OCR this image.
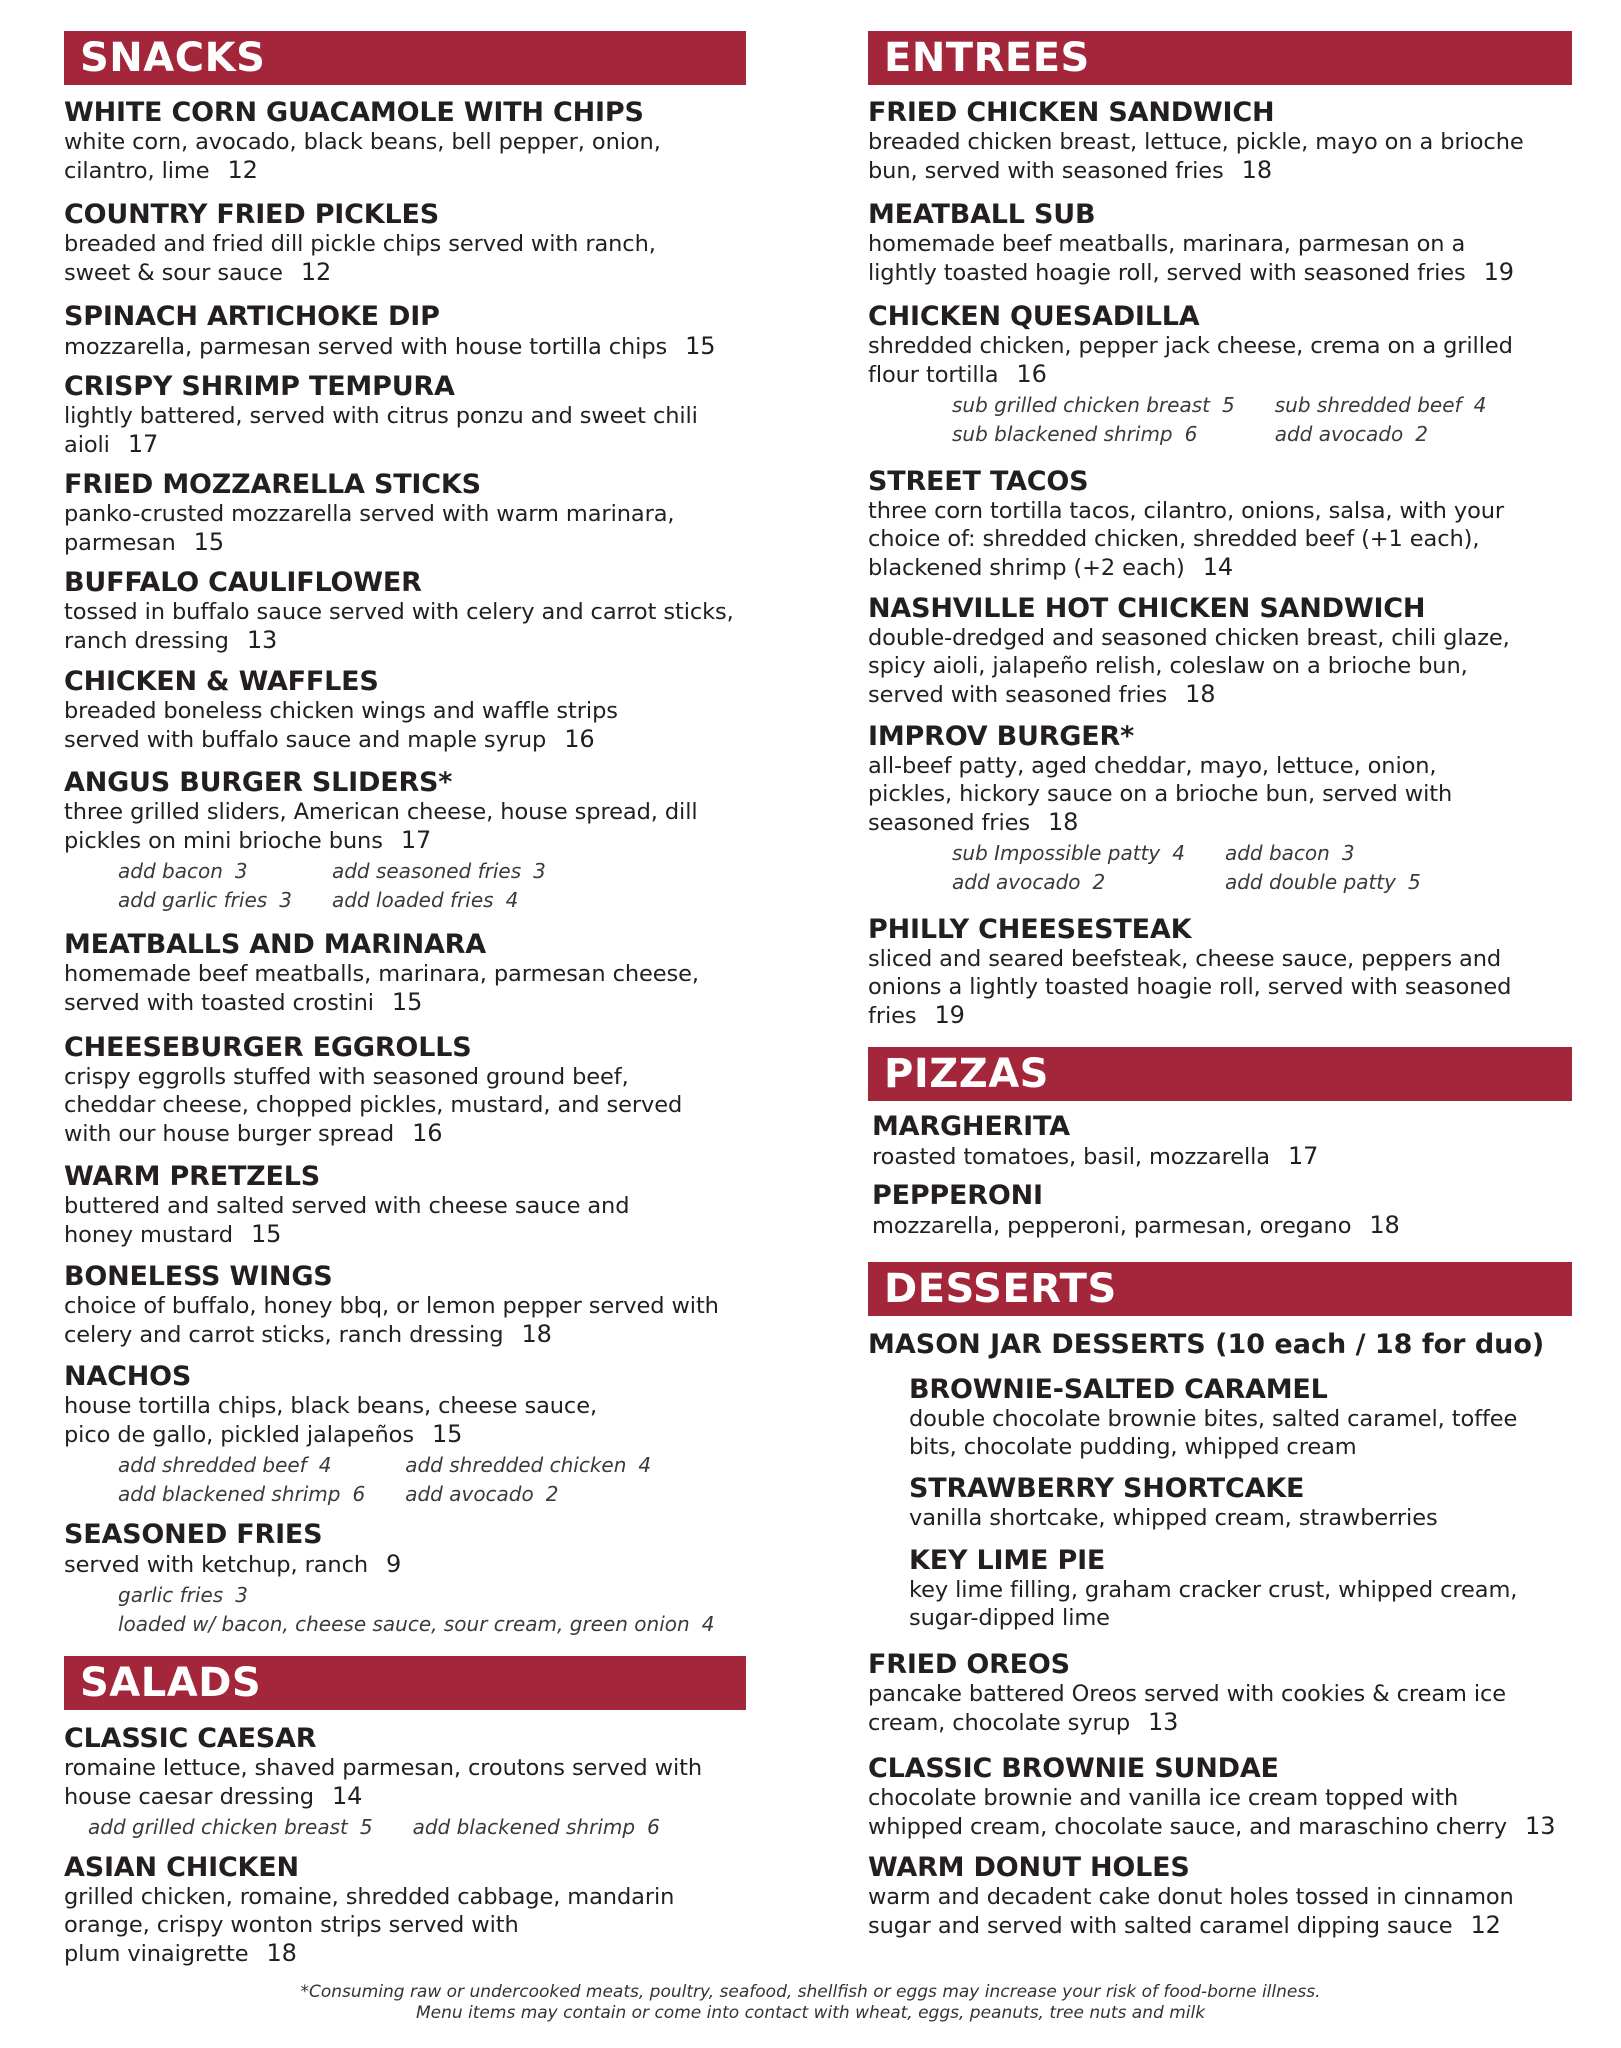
SNACKS
SALADS
ENTREES
PIZZAS
DESSERTS
WHITE CORN GUACAMOLE WITH CHIPS
white corn, avocado, black beans, bell pepper, onion,
cilantro, lime 12
COUNTRY FRIED PICKLES
breaded and fried dill pickle chips served with ranch,
sweet & sour sauce 12
SPINACH ARTICHOKE DIP
mozzarella, parmesan served with house tortilla chips 15
CRISPY SHRIMP TEMPURA
lightly battered, served with citrus ponzu and sweet chili
aioli 17
FRIED MOZZARELLA STICKS
panko-crusted mozzarella served with warm marinara,
parmesan 15
BUFFALO CAULIFLOWER
tossed in buffalo sauce served with celery and carrot sticks,
ranch dressing 13
CHICKEN & WAFFLES
breaded boneless chicken wings and waffle strips
served with buffalo sauce and maple syrup 16
ANGUS BURGER SLIDERS*
three grilled sliders, American cheese, house spread, dill
pickles on mini brioche buns 17
add bacon 3	add seasoned fries 3
add garlic fries 3 add loaded fries 4
MEATBALLS AND MARINARA
homemade beef meatballs, marinara, parmesan cheese,
served with toasted crostini 15
CHEESEBURGER EGGROLLS
crispy eggrolls stuffed with seasoned ground beef,
cheddar cheese, chopped pickles, mustard, and served
with our house burger spread 16
WARM PRETZELS
buttered and salted served with cheese sauce and
honey mustard 15
BONELESS WINGS
choice of buffalo, honey bbq, or lemon pepper served with
celery and carrot sticks, ranch dressing 18
NACHOS
house tortilla chips, black beans, cheese sauce,
pico de gallo, pickled jalapeños 15
add shredded beef 4	add shredded chicken 4
add blackened shrimp 6 add avocado 2
SEASONED FRIES
served with ketchup, ranch 9
garlic fries 3
loaded w/ bacon, cheese sauce, sour cream, green onion 4
CLASSIC CAESAR
romaine lettuce, shaved parmesan, croutons served with
house caesar dressing 14
add grilled chicken breast 5 add blackened shrimp 6
ASIAN CHICKEN
grilled chicken, romaine, shredded cabbage, mandarin
orange, crispy wonton strips served with
plum vinaigrette 18
FRIED CHICKEN SANDWICH
breaded chicken breast, lettuce, pickle, mayo on a brioche
bun, served with seasoned fries 18
MEATBALL SUB
homemade beef meatballs, marinara, parmesan on a
lightly toasted hoagie roll, served with seasoned fries 19
CHICKEN QUESADILLA
shredded chicken, pepper jack cheese, crema on a grilled
flour tortilla 16
sub grilled chicken breast 5 sub shredded beef 4
sub blackened shrimp 6	add avocado 2
STREET TACOS
three corn tortilla tacos, cilantro, onions, salsa, with your
choice of: shredded chicken, shredded beef (+1 each),
blackened shrimp (+2 each) 14
NASHVILLE HOT CHICKEN SANDWICH
double-dredged and seasoned chicken breast, chili glaze,
spicy aioli, jalapeño relish, coleslaw on a brioche bun,
served with seasoned fries 18
IMPROV BURGER*
all-beef patty, aged cheddar, mayo, lettuce, onion,
pickles, hickory sauce on a brioche bun, served with
seasoned fries 18
sub Impossible patty 4 add bacon 3
add avocado 2	add double patty 5
PHILLY CHEESESTEAK
sliced and seared beefsteak, cheese sauce, peppers and
onions a lightly toasted hoagie roll, served with seasoned
fries 19
MARGHERITA
roasted tomatoes, basil, mozzarella 17
PEPPERONI
mozzarella, pepperoni, parmesan, oregano 18
BROWNIE-SALTED CARAMEL
double chocolate brownie bites, salted caramel, toffee
bits, chocolate pudding, whipped cream
STRAWBERRY SHORTCAKE
vanilla shortcake, whipped cream, strawberries
KEY LIME PIE
key lime filling, graham cracker crust, whipped cream,
sugar-dipped lime
FRIED OREOS
pancake battered Oreos served with cookies & cream ice
cream, chocolate syrup 13
CLASSIC BROWNIE SUNDAE
chocolate brownie and vanilla ice cream topped with
whipped cream, chocolate sauce, and maraschino cherry 13
WARM DONUT HOLES
warm and decadent cake donut holes tossed in cinnamon
sugar and served with salted caramel dipping sauce 12
MASON JAR DESSERTS (10 each / 18 for duo)
*Consuming raw or undercooked meats, poultry, seafood, shellfish or eggs may increase your risk of food-borne illness.
Menu items may contain or come into contact with wheat, eggs, peanuts, tree nuts and milk
